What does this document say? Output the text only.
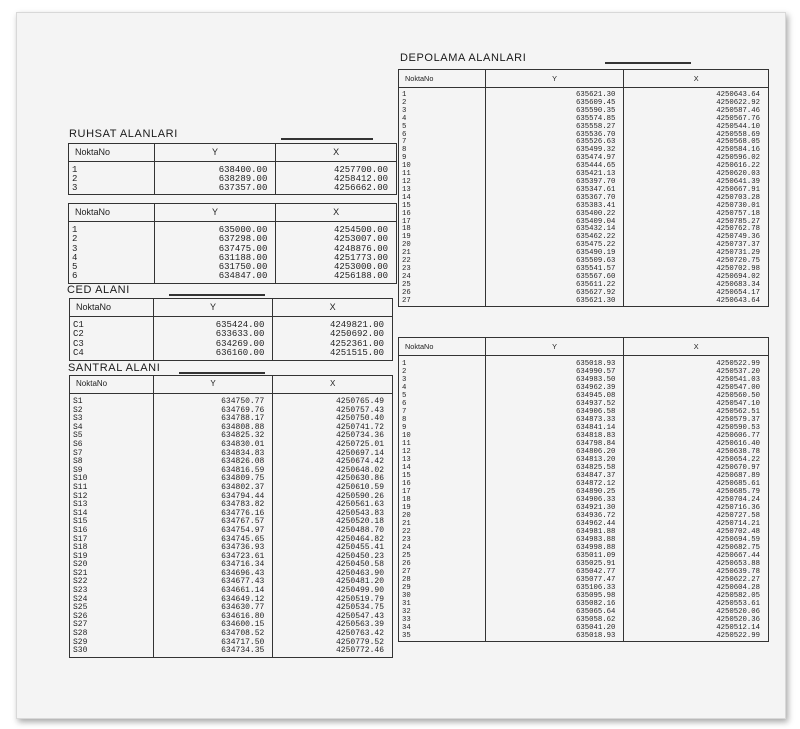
RUHSAT ALANLARI
NoktaNo	Y	X
1	638400.00	4257700.00
2	638289.00	4258412.00
3	637357.00	4256662.00
NoktaNo	Y	X
1	635000.00	4254500.00
2	637298.00	4253007.00
3	637475.00	4248876.00
4	631188.00	4251773.00
5	631750.00	4253000.00
6	634847.00	4256188.00
CED ALANI
NoktaNo	Y	X
C1	635424.00	4249821.00
C2	633633.00	4250692.00
C3	634269.00	4252361.00
C4	636160.00	4251515.00
SANTRAL ALANI
NoktaNo	Y	X
S1	634750.77	4250765.49
S2	634769.76	4250757.43
S3	634788.17	4250750.40
S4	634808.88	4250741.72
S5	634825.32	4250734.36
S6	634830.01	4250725.01
S7	634834.83	4250697.14
S8	634826.08	4250674.42
S9	634816.59	4250648.02
S10	634809.75	4250630.86
S11	634802.37	4250610.59
S12	634794.44	4250590.26
S13	634783.82	4250561.63
S14	634776.16	4250543.83
S15	634767.57	4250520.18
S16	634754.97	4250488.70
S17	634745.65	4250464.82
S18	634736.93	4250455.41
S19	634723.61	4250450.23
S20	634716.34	4250450.58
S21	634696.43	4250463.90
S22	634677.43	4250481.20
S23	634661.14	4250499.90
S24	634649.12	4250519.79
S25	634630.77	4250534.75
S26	634616.80	4250547.43
S27	634600.15	4250563.39
S28	634708.52	4250763.42
S29	634717.50	4250779.52
S30	634734.35	4250772.46
DEPOLAMA ALANLARI
NoktaNo	Y	X
1	635621.30	4250643.64
2	635609.45	4250622.92
3	635590.35	4250587.46
4	635574.85	4250567.76
5	635558.27	4250544.10
6	635536.70	4250558.69
7	635526.63	4250568.05
8	635499.32	4250584.16
9	635474.97	4250596.02
10	635444.65	4250616.22
11	635421.13	4250620.03
12	635397.70	4250641.39
13	635347.61	4250667.91
14	635367.70	4250703.28
15	635383.41	4250730.01
16	635400.22	4250757.18
17	635409.04	4250785.27
18	635432.14	4250762.78
19	635462.22	4250749.36
20	635475.22	4250737.37
21	635490.19	4250731.29
22	635509.63	4250720.75
23	635541.57	4250702.98
24	635567.60	4250694.02
25	635611.22	4250683.34
26	635627.92	4250654.17
27	635621.30	4250643.64
NoktaNo	Y	X
1	635018.93	4250522.99
2	634990.57	4250537.20
3	634983.50	4250541.03
4	634962.39	4250547.00
5	634945.08	4250560.50
6	634937.52	4250547.10
7	634906.58	4250562.51
8	634873.33	4250579.37
9	634841.14	4250590.53
10	634818.83	4250606.77
11	634798.84	4250616.40
12	634806.20	4250638.78
13	634813.20	4250654.22
14	634825.58	4250670.97
15	634847.37	4250687.89
16	634872.12	4250685.61
17	634890.25	4250685.79
18	634906.33	4250704.24
19	634921.30	4250716.36
20	634936.72	4250727.58
21	634962.44	4250714.21
22	634981.88	4250702.48
23	634983.88	4250694.59
24	634998.88	4250682.75
25	635011.09	4250667.44
26	635025.91	4250653.88
27	635042.77	4250639.78
28	635077.47	4250622.27
29	635106.33	4250604.28
30	635095.98	4250582.05
31	635082.16	4250553.61
32	635065.64	4250520.06
33	635058.62	4250520.36
34	635041.20	4250512.14
35	635018.93	4250522.99
